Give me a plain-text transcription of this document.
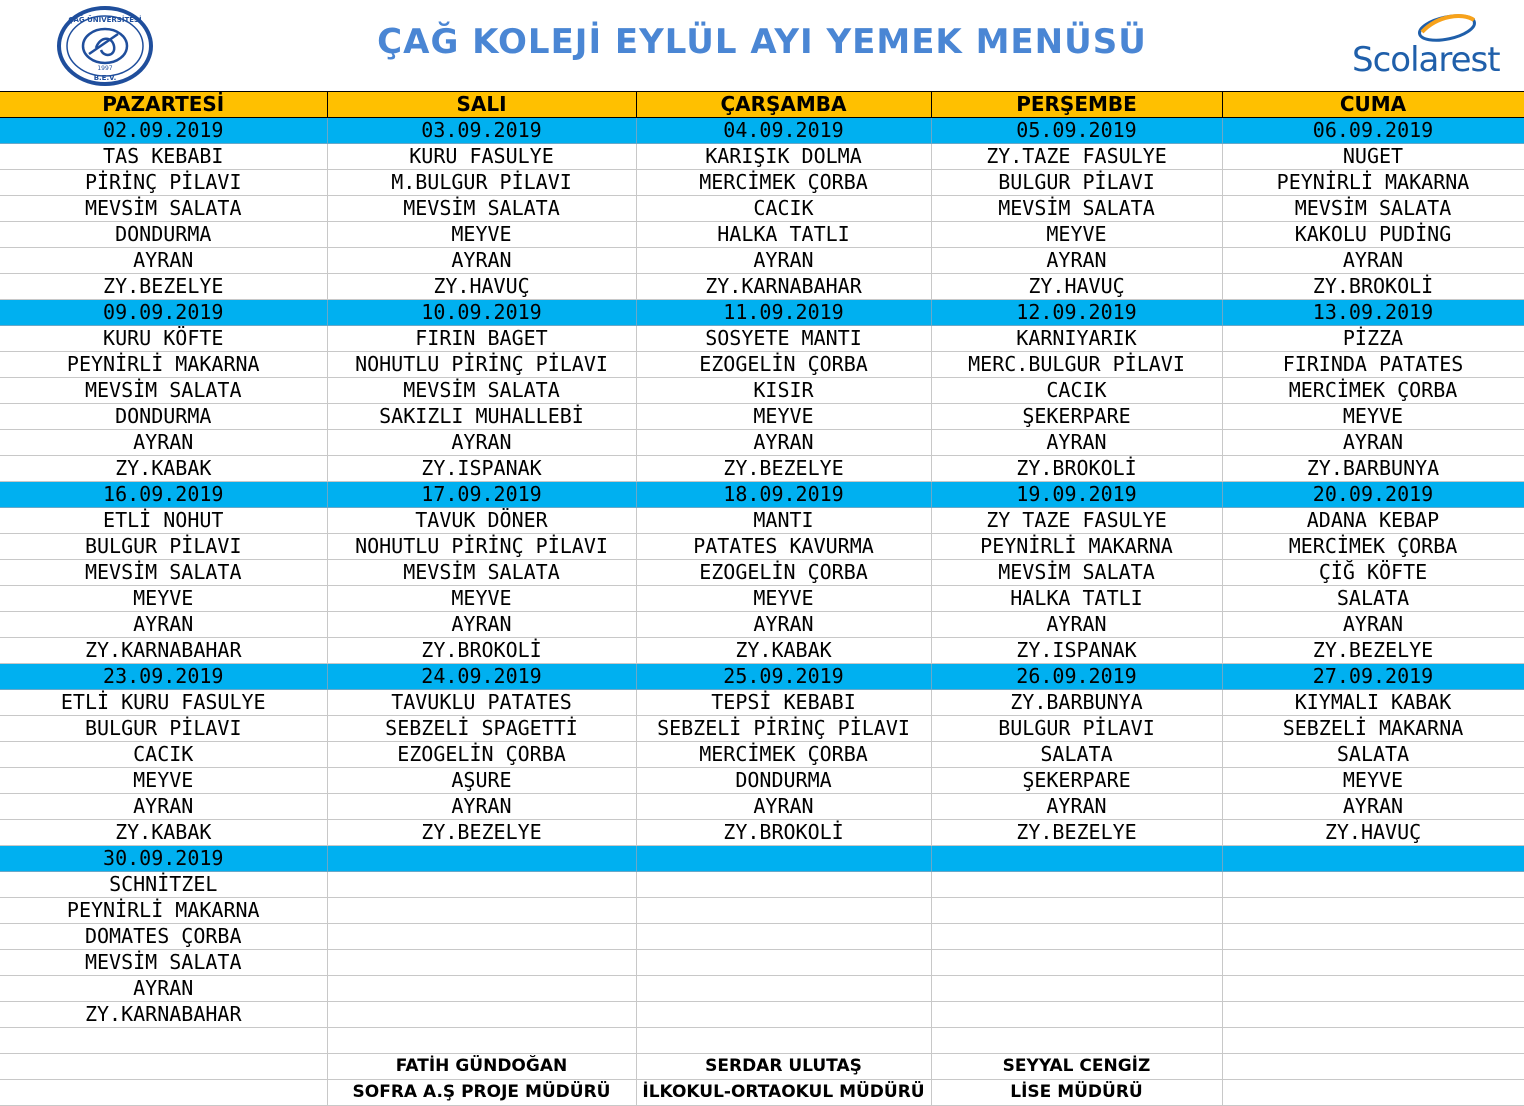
ÇAĞ ÜNİVERSİTESİ
1997
B.E.V.
ÇAĞ KOLEJİ EYLÜL AYI YEMEK MENÜSÜ	Scolarest
PAZARTESİ	SALI	ÇARŞAMBA	PERŞEMBE	CUMA
02.09.2019	03.09.2019	04.09.2019	05.09.2019	06.09.2019
TAS KEBABI	KURU FASULYE	KARIŞIK DOLMA	ZY.TAZE FASULYE	NUGET
PİRİNÇ PİLAVI	M.BULGUR PİLAVI	MERCİMEK ÇORBA	BULGUR PİLAVI	PEYNİRLİ MAKARNA
MEVSİM SALATA	MEVSİM SALATA	CACIK	MEVSİM SALATA	MEVSİM SALATA
DONDURMA	MEYVE	HALKA TATLI	MEYVE	KAKOLU PUDİNG
AYRAN	AYRAN	AYRAN	AYRAN	AYRAN
ZY.BEZELYE	ZY.HAVUÇ	ZY.KARNABAHAR	ZY.HAVUÇ	ZY.BROKOLİ
09.09.2019	10.09.2019	11.09.2019	12.09.2019	13.09.2019
KURU KÖFTE	FIRIN BAGET	SOSYETE MANTI	KARNIYARIK	PİZZA
PEYNİRLİ MAKARNA	NOHUTLU PİRİNÇ PİLAVI	EZOGELİN ÇORBA	MERC.BULGUR PİLAVI	FIRINDA PATATES
MEVSİM SALATA	MEVSİM SALATA	KISIR	CACIK	MERCİMEK ÇORBA
DONDURMA	SAKIZLI MUHALLEBİ	MEYVE	ŞEKERPARE	MEYVE
AYRAN	AYRAN	AYRAN	AYRAN	AYRAN
ZY.KABAK	ZY.ISPANAK	ZY.BEZELYE	ZY.BROKOLİ	ZY.BARBUNYA
16.09.2019	17.09.2019	18.09.2019	19.09.2019	20.09.2019
ETLİ NOHUT	TAVUK DÖNER	MANTI	ZY TAZE FASULYE	ADANA KEBAP
BULGUR PİLAVI	NOHUTLU PİRİNÇ PİLAVI	PATATES KAVURMA	PEYNİRLİ MAKARNA	MERCİMEK ÇORBA
MEVSİM SALATA	MEVSİM SALATA	EZOGELİN ÇORBA	MEVSİM SALATA	ÇİĞ KÖFTE
MEYVE	MEYVE	MEYVE	HALKA TATLI	SALATA
AYRAN	AYRAN	AYRAN	AYRAN	AYRAN
ZY.KARNABAHAR	ZY.BROKOLİ	ZY.KABAK	ZY.ISPANAK	ZY.BEZELYE
23.09.2019	24.09.2019	25.09.2019	26.09.2019	27.09.2019
ETLİ KURU FASULYE	TAVUKLU PATATES	TEPSİ KEBABI	ZY.BARBUNYA	KIYMALI KABAK
BULGUR PİLAVI	SEBZELİ SPAGETTİ	SEBZELİ PİRİNÇ PİLAVI	BULGUR PİLAVI	SEBZELİ MAKARNA
CACIK	EZOGELİN ÇORBA	MERCİMEK ÇORBA	SALATA	SALATA
MEYVE	AŞURE	DONDURMA	ŞEKERPARE	MEYVE
AYRAN	AYRAN	AYRAN	AYRAN	AYRAN
ZY.KABAK	ZY.BEZELYE	ZY.BROKOLİ	ZY.BEZELYE	ZY.HAVUÇ
30.09.2019				
SCHNİTZEL				
PEYNİRLİ MAKARNA				
DOMATES ÇORBA				
MEVSİM SALATA				
AYRAN				
ZY.KARNABAHAR				

	FATİH GÜNDOĞAN	SERDAR ULUTAŞ	SEYYAL CENGİZ	
	SOFRA A.Ş PROJE MÜDÜRÜ	İLKOKUL-ORTAOKUL MÜDÜRÜ	LİSE MÜDÜRÜ	
